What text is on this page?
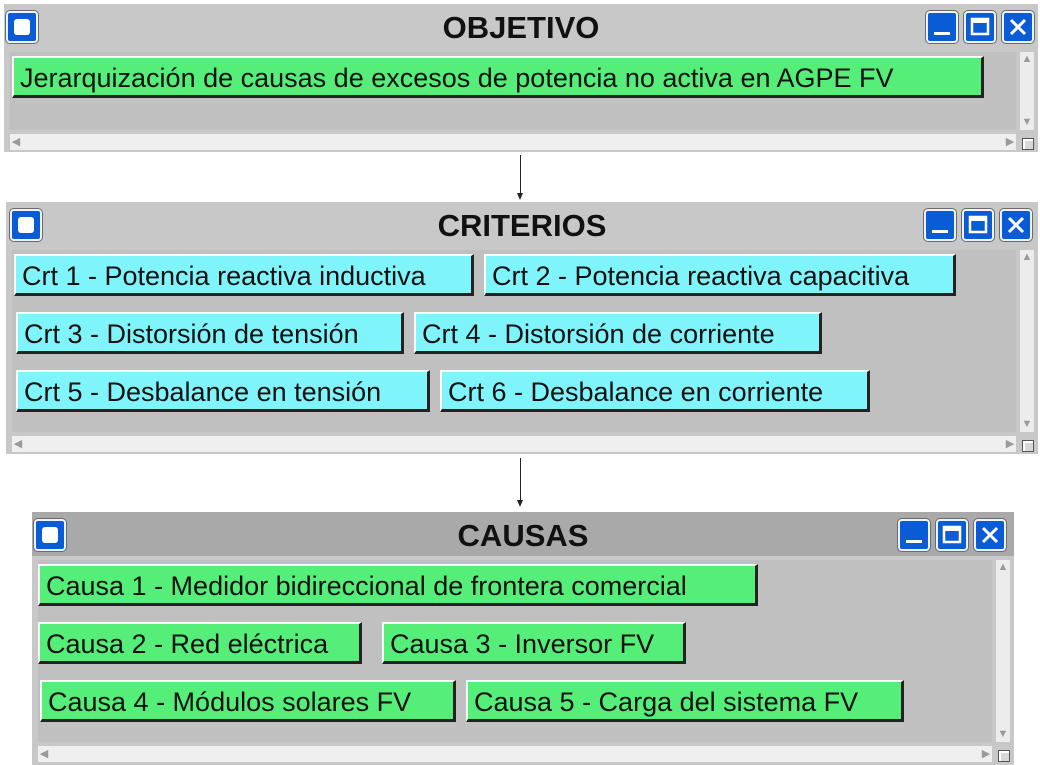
OBJETIVO
Jerarquización de causas de excesos de potencia no activa en AGPE FV
▲
▼
◀	▶
CRITERIOS
Crt 1 - Potencia reactiva inductiva	Crt 2 - Potencia reactiva capacitiva
Crt 3 - Distorsión de tensión	Crt 4 - Distorsión de corriente
Crt 5 - Desbalance en tensión	Crt 6 - Desbalance en corriente
▲
▼
◀	▶
CAUSAS
Causa 1 - Medidor bidireccional de frontera comercial
Causa 2 - Red eléctrica	Causa 3 - Inversor FV
Causa 4 - Módulos solares FV	Causa 5 - Carga del sistema FV
▲
▼
◀	▶
